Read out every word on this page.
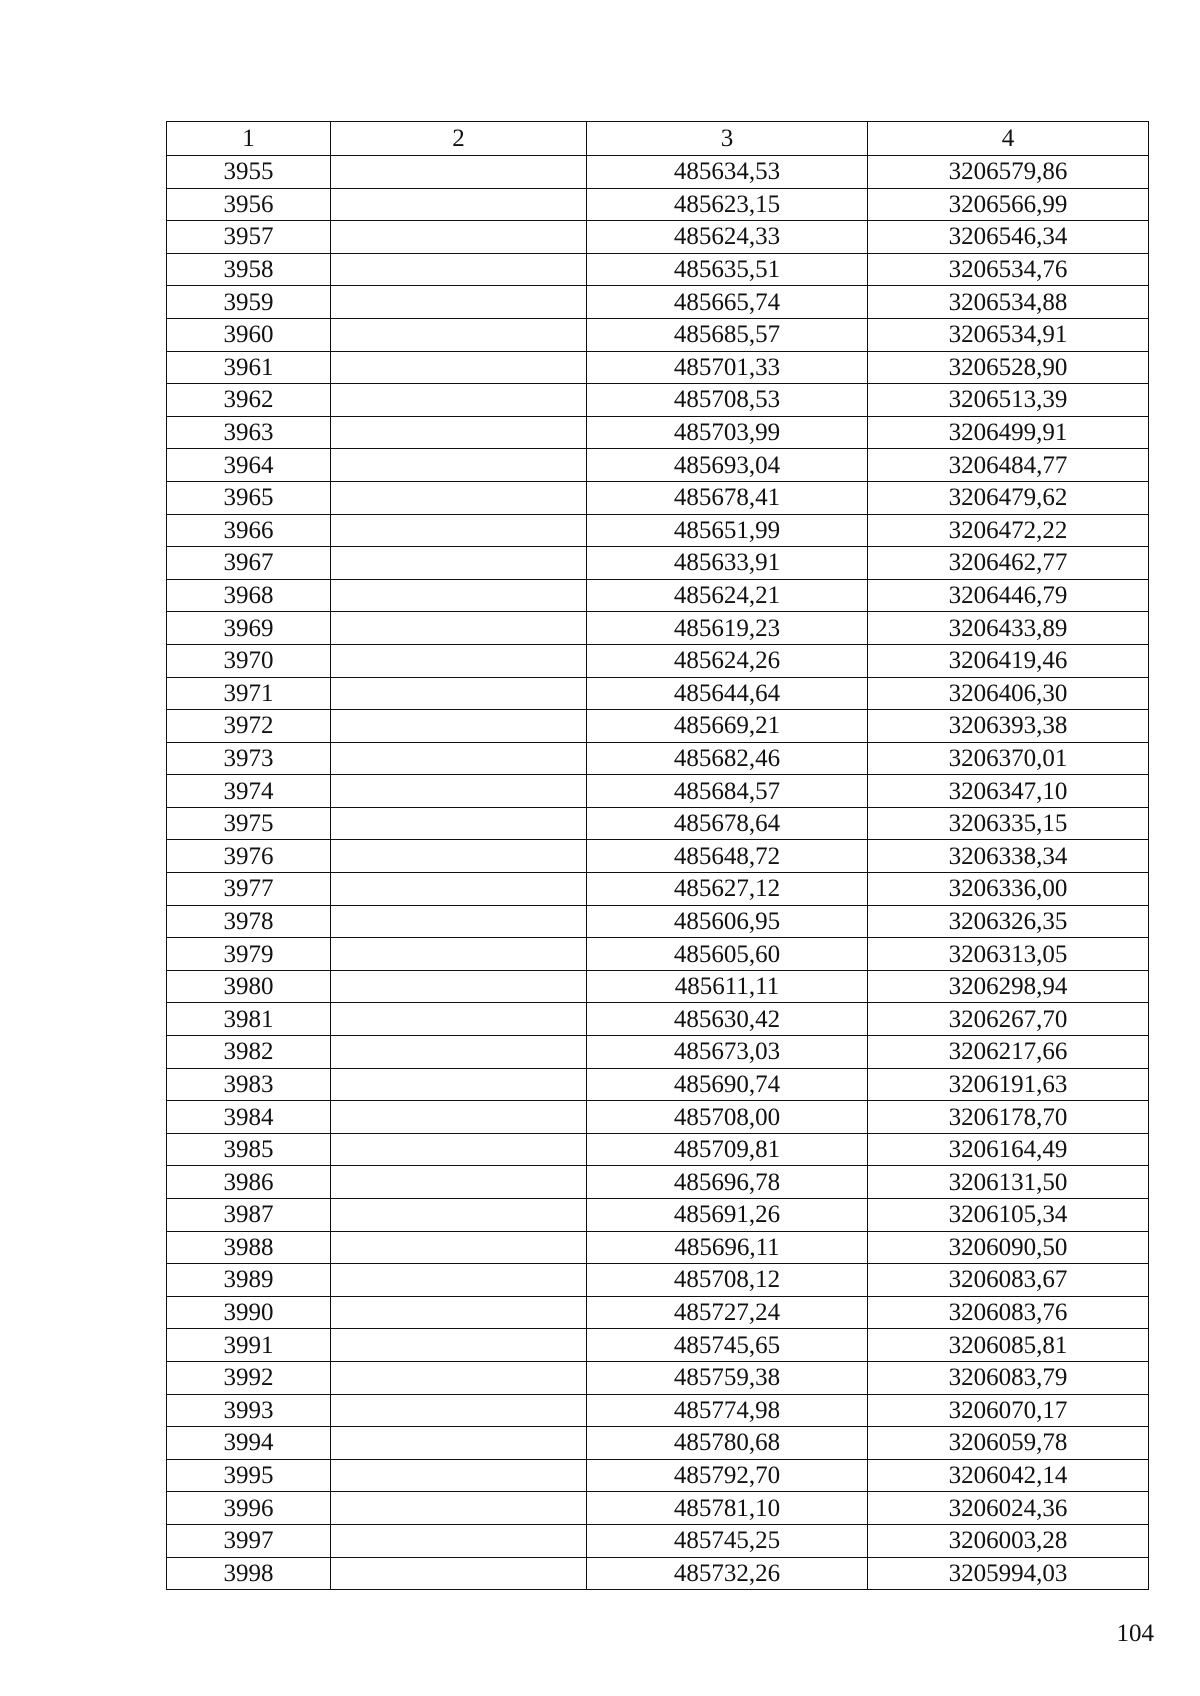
1	2	3	4
3955		485634,53	3206579,86
3956		485623,15	3206566,99
3957		485624,33	3206546,34
3958		485635,51	3206534,76
3959		485665,74	3206534,88
3960		485685,57	3206534,91
3961		485701,33	3206528,90
3962		485708,53	3206513,39
3963		485703,99	3206499,91
3964		485693,04	3206484,77
3965		485678,41	3206479,62
3966		485651,99	3206472,22
3967		485633,91	3206462,77
3968		485624,21	3206446,79
3969		485619,23	3206433,89
3970		485624,26	3206419,46
3971		485644,64	3206406,30
3972		485669,21	3206393,38
3973		485682,46	3206370,01
3974		485684,57	3206347,10
3975		485678,64	3206335,15
3976		485648,72	3206338,34
3977		485627,12	3206336,00
3978		485606,95	3206326,35
3979		485605,60	3206313,05
3980		485611,11	3206298,94
3981		485630,42	3206267,70
3982		485673,03	3206217,66
3983		485690,74	3206191,63
3984		485708,00	3206178,70
3985		485709,81	3206164,49
3986		485696,78	3206131,50
3987		485691,26	3206105,34
3988		485696,11	3206090,50
3989		485708,12	3206083,67
3990		485727,24	3206083,76
3991		485745,65	3206085,81
3992		485759,38	3206083,79
3993		485774,98	3206070,17
3994		485780,68	3206059,78
3995		485792,70	3206042,14
3996		485781,10	3206024,36
3997		485745,25	3206003,28
3998		485732,26	3205994,03
104
